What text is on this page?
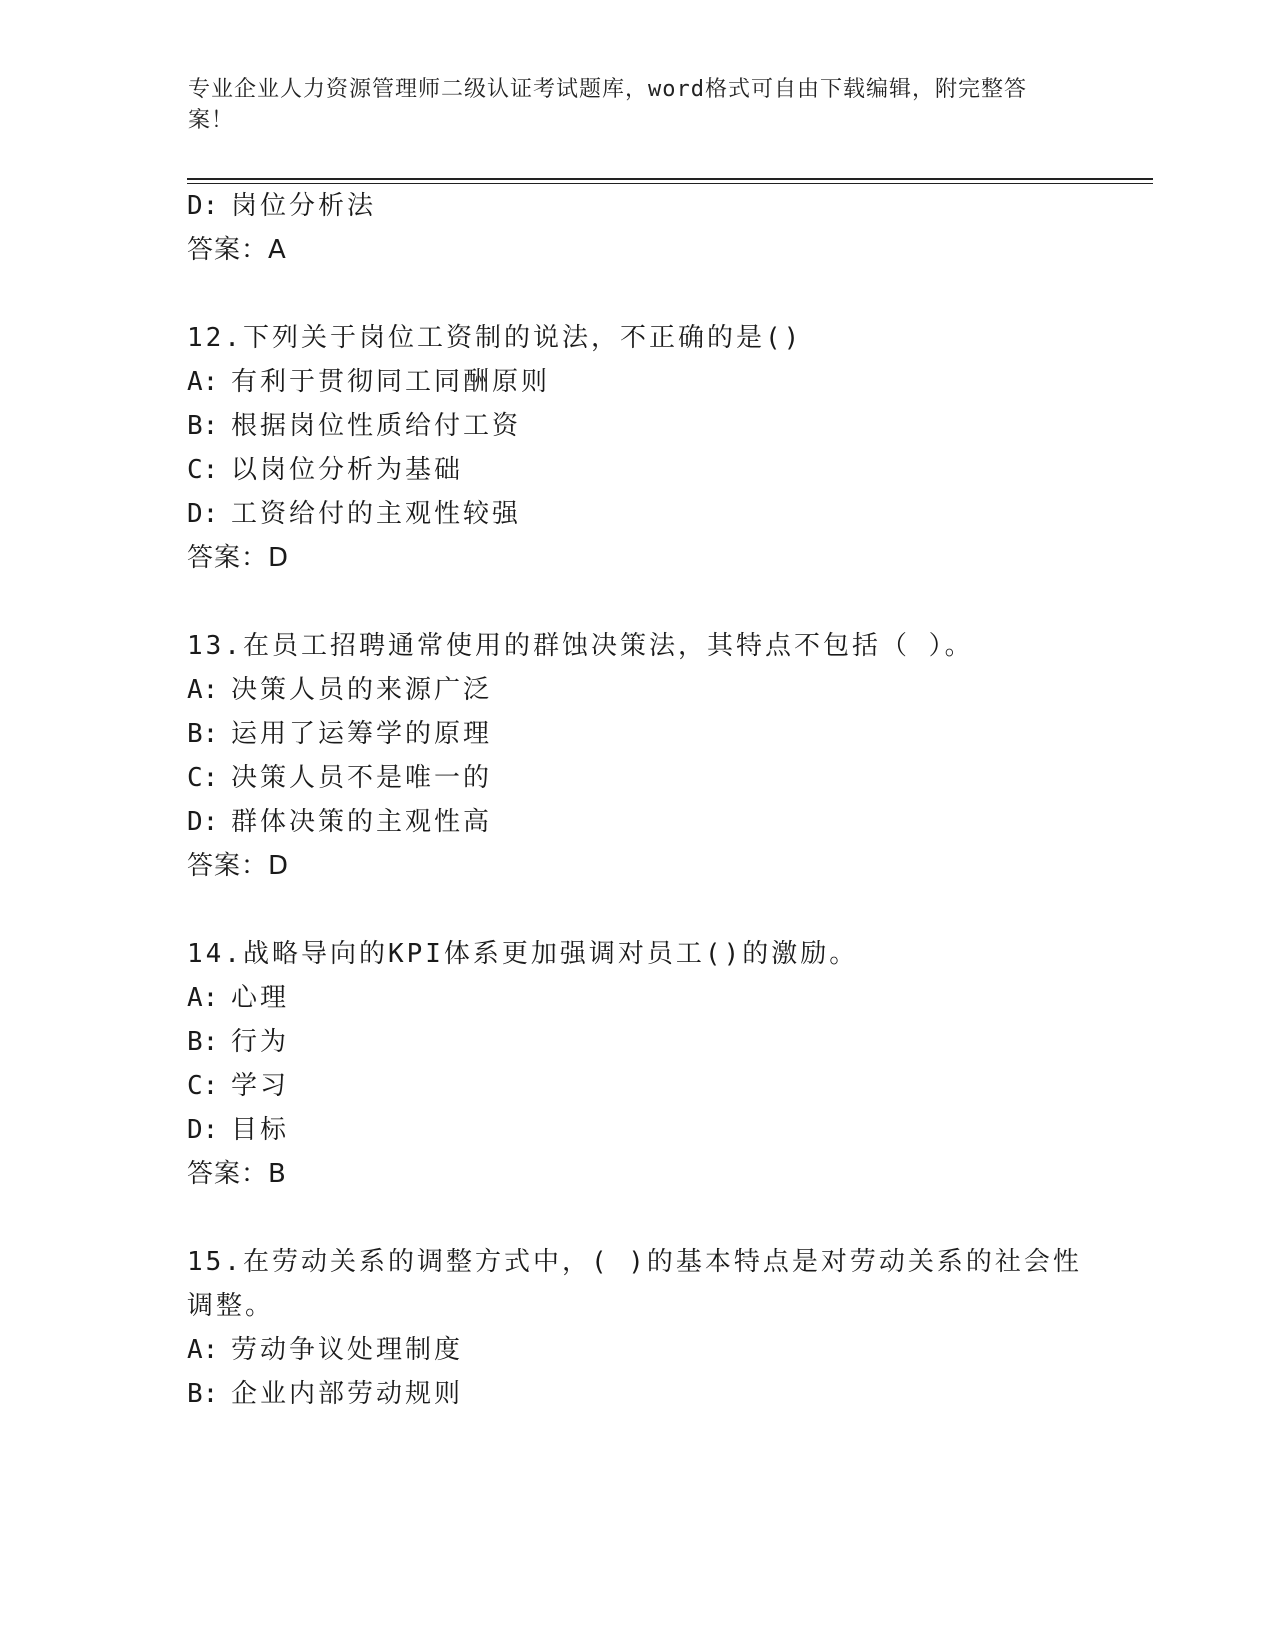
专业企业人力资源管理师二级认证考试题库，word格式可自由下载编辑，附完整答案！
D: 岗位分析法
答案：A
12.下列关于岗位工资制的说法，不正确的是()
A: 有利于贯彻同工同酬原则
B: 根据岗位性质给付工资
C: 以岗位分析为基础
D: 工资给付的主观性较强
答案：D
13.在员工招聘通常使用的群蚀决策法，其特点不包括（ ）。
A: 决策人员的来源广泛
B: 运用了运筹学的原理
C: 决策人员不是唯一的
D: 群体决策的主观性高
答案：D
14.战略导向的KPI体系更加强调对员工()的激励。
A: 心理
B: 行为
C: 学习
D: 目标
答案：B
15.在劳动关系的调整方式中，( )的基本特点是对劳动关系的社会性
调整。
A: 劳动争议处理制度
B: 企业内部劳动规则
